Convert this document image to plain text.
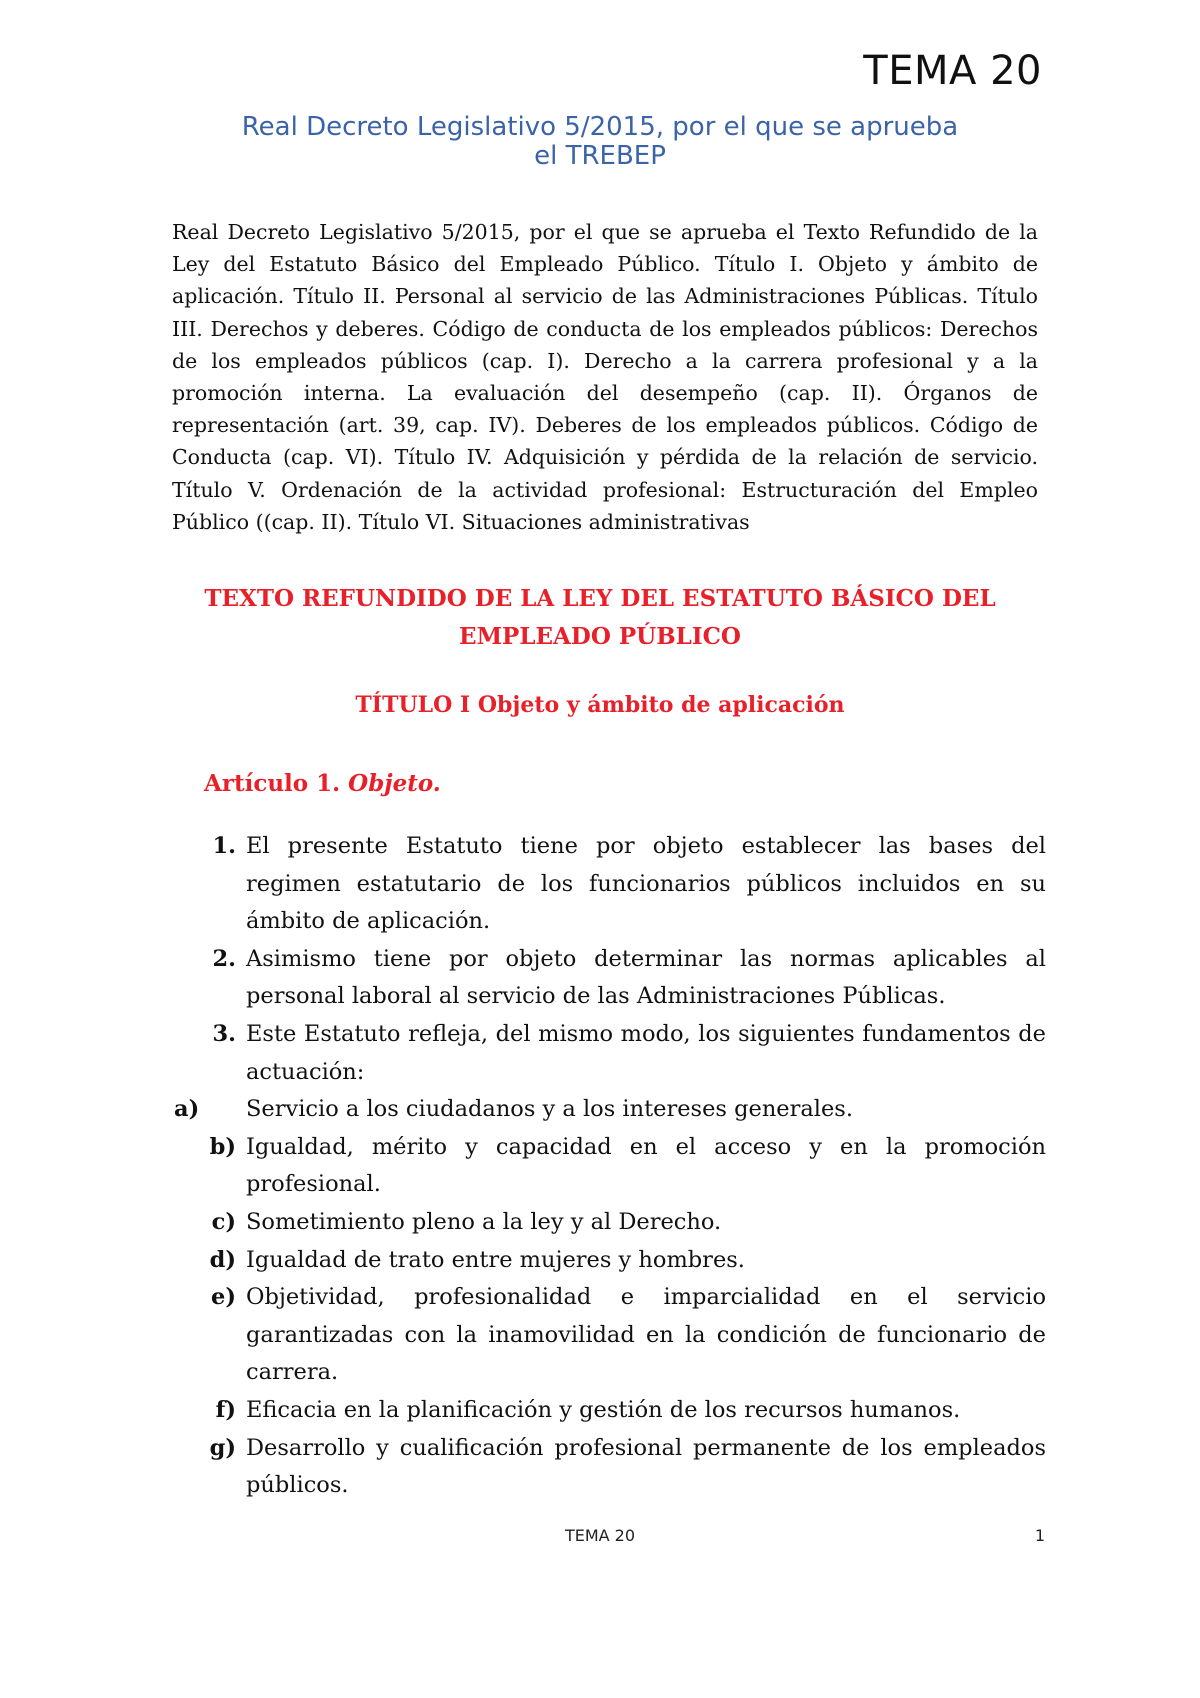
TEMA 20
Real Decreto Legislativo 5/2015, por el que se aprueba
el TREBEP
Real Decreto Legislativo 5/2015, por el que se aprueba el Texto Refundido de la Ley del Estatuto Básico del Empleado Público. Título I. Objeto y ámbito de aplicación. Título II. Personal al servicio de las Administraciones Públicas. Título III. Derechos y deberes. Código de conducta de los empleados públicos: Derechos de los empleados públicos (cap. I). Derecho a la carrera profesional y a la promoción interna. La evaluación del desempeño (cap. II). Órganos de representación (art. 39, cap. IV). Deberes de los empleados públicos. Código de Conducta (cap. VI). Título IV. Adquisición y pérdida de la relación de servicio. Título V. Ordenación de la actividad profesional: Estructuración del Empleo Público ((cap. II). Título VI. Situaciones administrativas
TEXTO REFUNDIDO DE LA LEY DEL ESTATUTO BÁSICO DEL
EMPLEADO PÚBLICO
TÍTULO I Objeto y ámbito de aplicación
Artículo 1. Objeto.
1. El presente Estatuto tiene por objeto establecer las bases del regimen estatutario de los funcionarios públicos incluidos en su ámbito de aplicación.
2. Asimismo tiene por objeto determinar las normas aplicables al personal laboral al servicio de las Administraciones Públicas.
3. Este Estatuto refleja, del mismo modo, los siguientes fundamentos de actuación:
a)	Servicio a los ciudadanos y a los intereses generales.
b) Igualdad, mérito y capacidad en el acceso y en la promoción profesional.
c) Sometimiento pleno a la ley y al Derecho.
d) Igualdad de trato entre mujeres y hombres.
e) Objetividad, profesionalidad e imparcialidad en el servicio garantizadas con la inamovilidad en la condición de funcionario de carrera.
f) Eficacia en la planificación y gestión de los recursos humanos.
g) Desarrollo y cualificación profesional permanente de los empleados públicos.
TEMA 20	1
